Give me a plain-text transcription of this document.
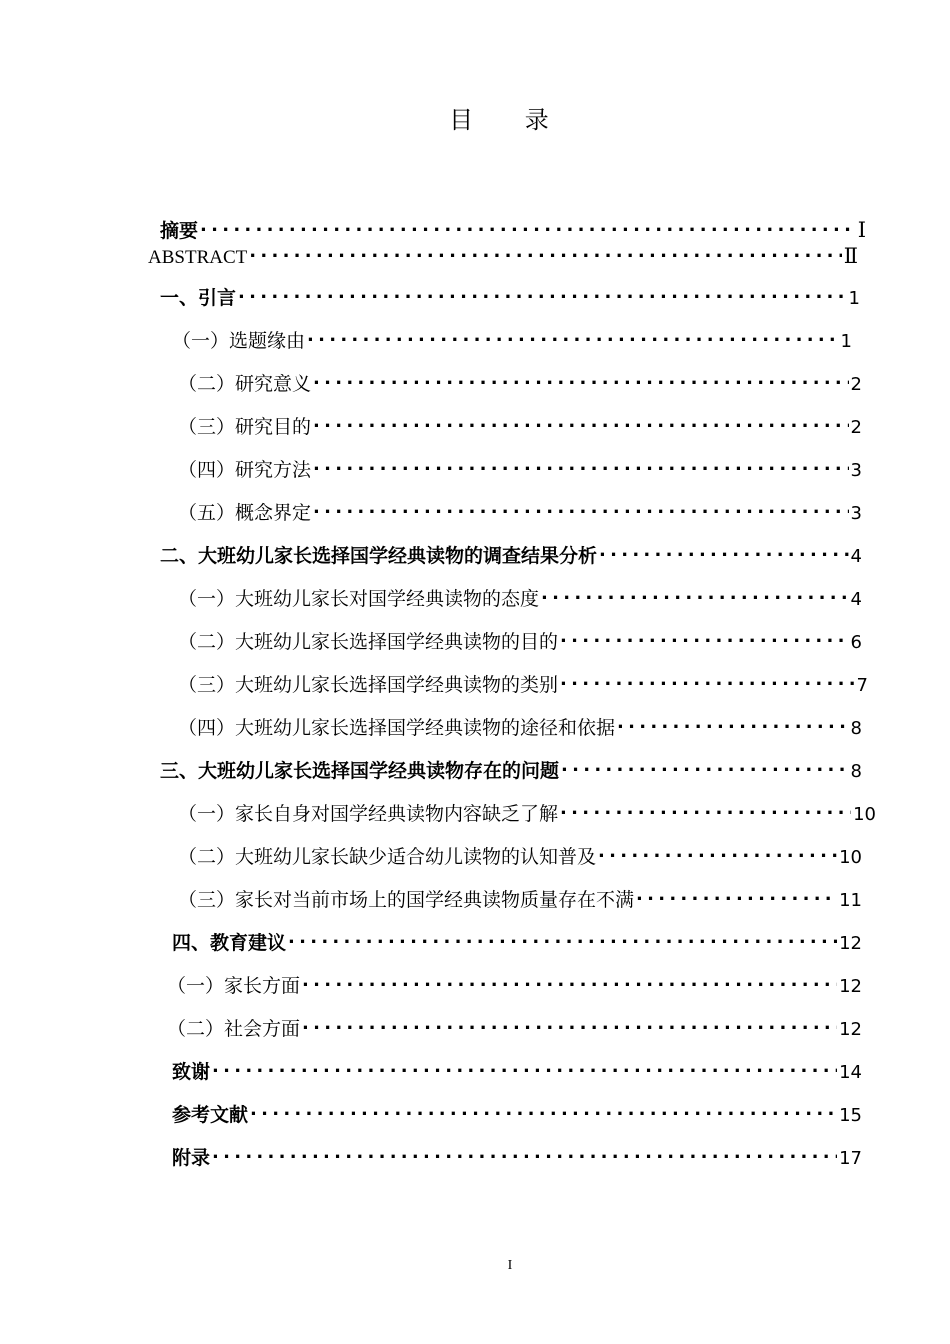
目 录
摘要 . . .	Ⅰ
ABSTRACT . . .	Ⅱ
一、引言 . . .	1
（一）选题缘由 . . .	1
（二）研究意义 . . .	2
（三）研究目的 . . .	2
（四）研究方法 . . .	3
（五）概念界定 . . .	3
二、大班幼儿家长选择国学经典读物的调查结果分析 . . .	4
（一）大班幼儿家长对国学经典读物的态度 . . .	4
（二）大班幼儿家长选择国学经典读物的目的 . . .	6
（三）大班幼儿家长选择国学经典读物的类别 . . .	7
（四）大班幼儿家长选择国学经典读物的途径和依据 . . .	8
三、大班幼儿家长选择国学经典读物存在的问题 . . .	8
（一）家长自身对国学经典读物内容缺乏了解 . . .	10
（二）大班幼儿家长缺少适合幼儿读物的认知普及 . . .	10
（三）家长对当前市场上的国学经典读物质量存在不满 . . .	11
四、教育建议 . . .	12
（一）家长方面 . . .	12
（二）社会方面 . . .	12
致谢 . . .	14
参考文献 . . .	15
附录 . . .	17
I
